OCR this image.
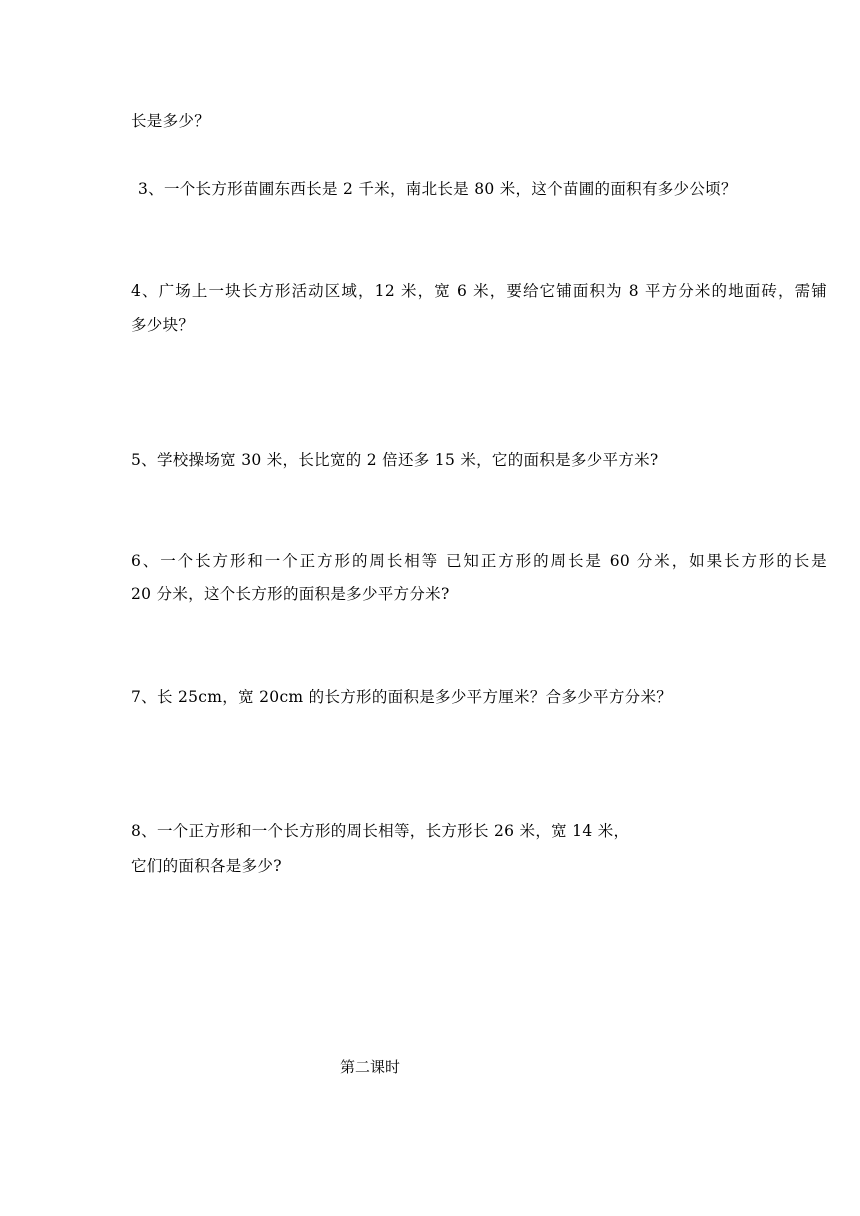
长是多少？
3、一个长方形苗圃东西长是 2 千米，南北长是 80 米，这个苗圃的面积有多少公顷？
4、广场上一块长方形活动区域，12 米，宽 6 米，要给它铺面积为 8 平方分米的地面砖，需铺
多少块？
5、学校操场宽 30 米，长比宽的 2 倍还多 15 米，它的面积是多少平方米?
6、一个长方形和一个正方形的周长相等 已知正方形的周长是 60 分米，如果长方形的长是
20 分米，这个长方形的面积是多少平方分米?
7、长 25cm，宽 20cm 的长方形的面积是多少平方厘米？合多少平方分米？
8、一个正方形和一个长方形的周长相等，长方形长 26 米，宽 14 米，
它们的面积各是多少?
第二课时
